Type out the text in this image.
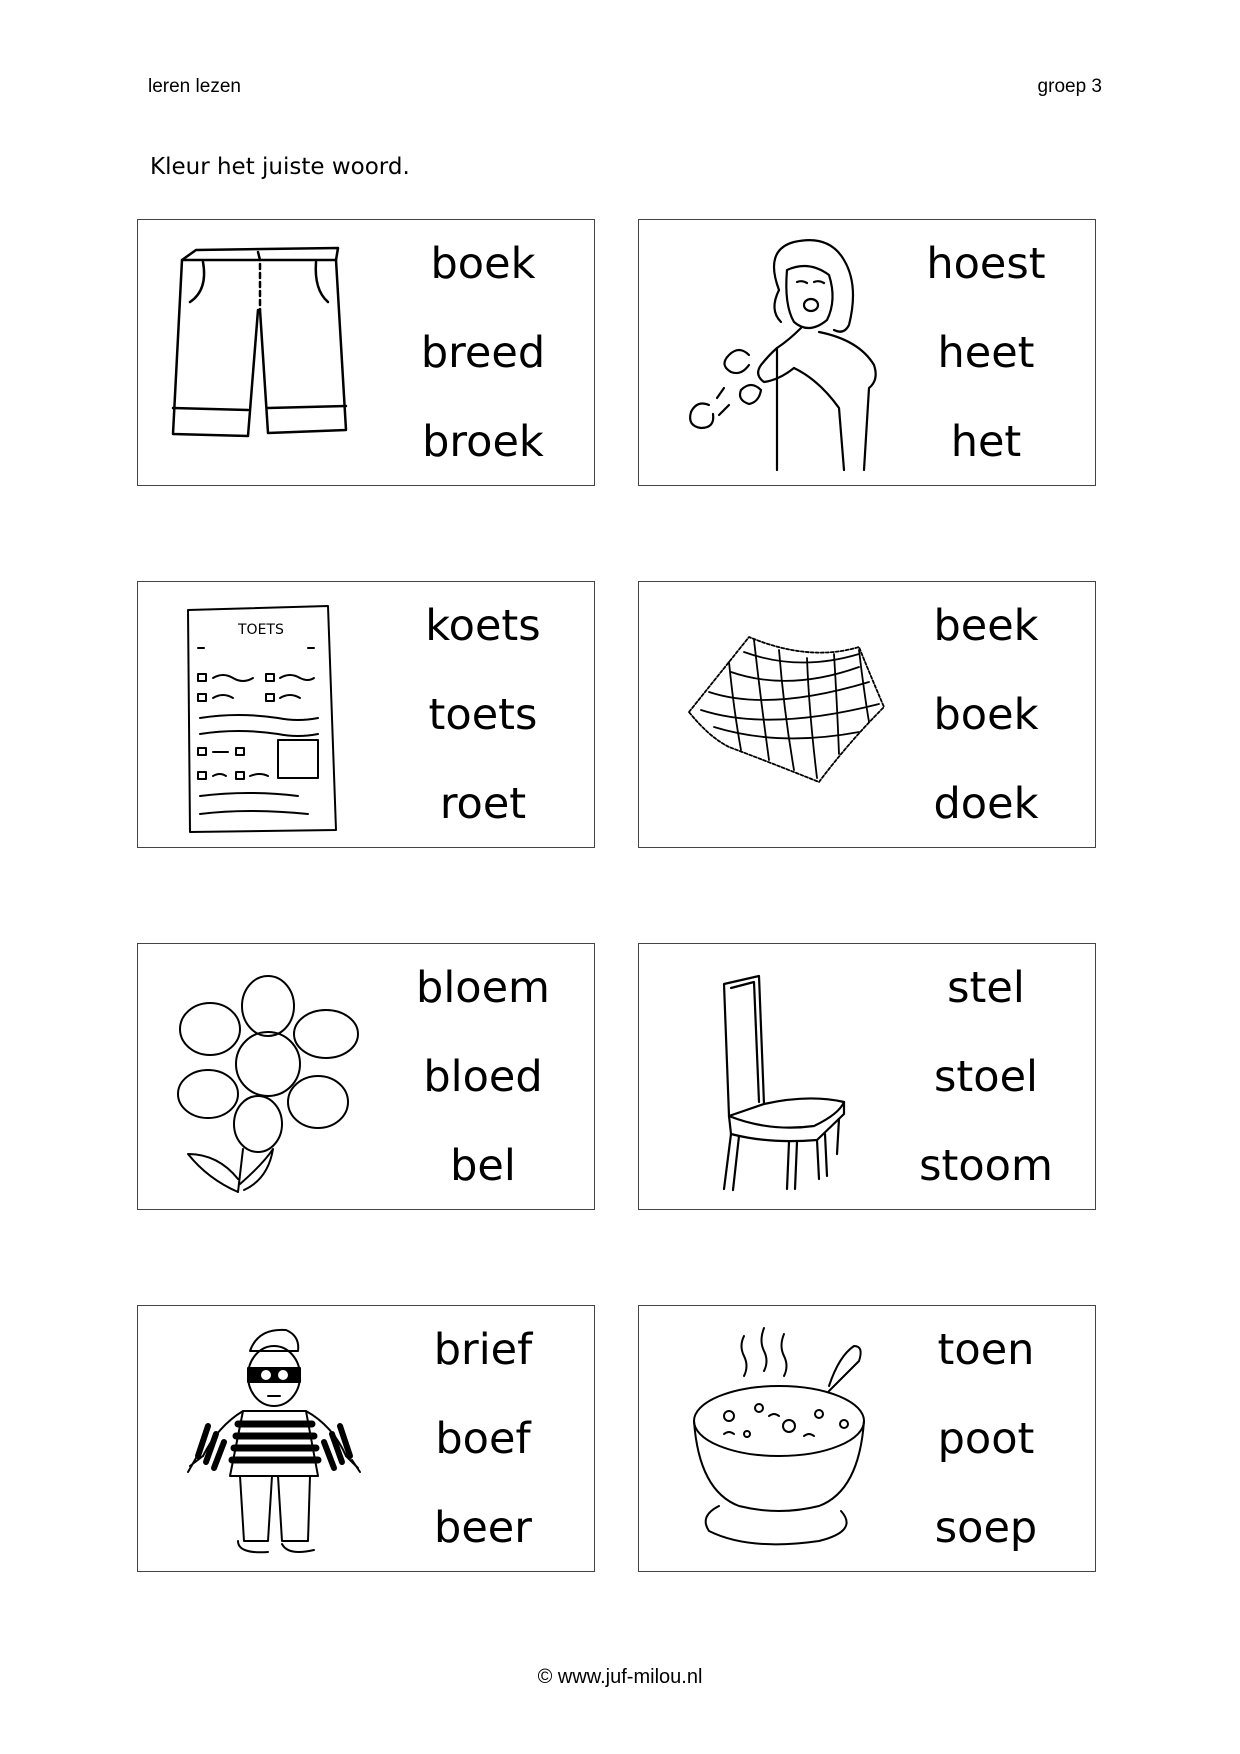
leren lezen	groep 3
Kleur het juiste woord.
boek
breed
broek
hoest
heet
het
TOETS	koets
toets
roet
beek
boek
doek
bloem
bloed
bel
stel
stoel
stoom
brief
boef
beer
toen
poot
soep
© www.juf-milou.nl
